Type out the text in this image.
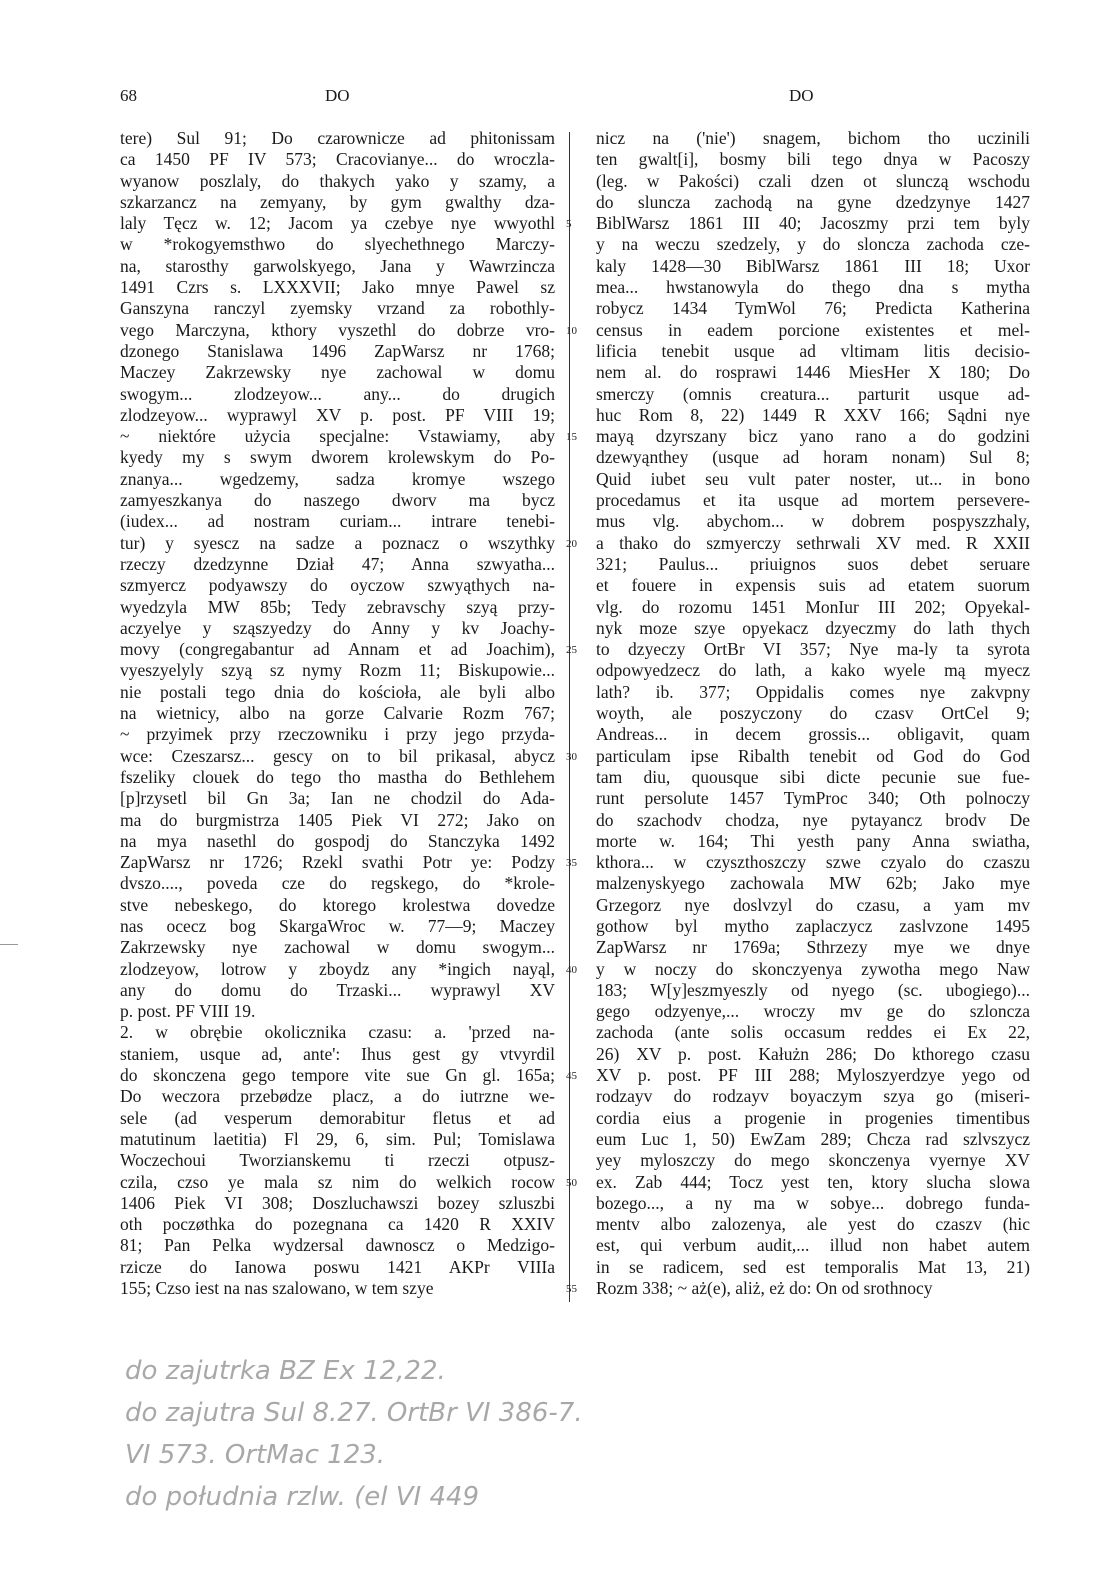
68	DO	DO
tere) Sul 91; Do czarownicze ad phitonissam
ca 1450 PF IV 573; Cracovianye... do wroczla-
wyanow poszlaly, do thakych yako y szamy, a
szkarzancz na zemyany, by gym gwalthy dza-
laly Tęcz w. 12; Jacom ya czebye nye wwyothl
w *rokogyemsthwo do slyechethnego Marczy-
na, starosthy garwolskyego, Jana y Wawrzincza
1491 Czrs s. LXXXVII; Jako mnye Pawel sz
Ganszyna ranczyl zyemsky vrzand za robothly-
vego Marczyna, kthory vyszethl do dobrze vro-
dzonego Stanislawa 1496 ZapWarsz nr 1768;
Maczey Zakrzewsky nye zachowal w domu
swogym... zlodzeyow... any... do drugich
zlodzeyow... wyprawyl XV p. post. PF VIII 19;
~ niektóre użycia specjalne: Vstawiamy, aby
kyedy my s swym dworem krolewskym do Po-
znanya... wgedzemy, sadza kromye wszego
zamyeszkanya do naszego dworv ma bycz
(iudex... ad nostram curiam... intrare tenebi-
tur) y syescz na sadze a poznacz o wszythky
rzeczy dzedzynne Dział 47; Anna szwyatha...
szmyercz podyawszy do oyczow szwyąthych na-
wyedzyla MW 85b; Tedy zebravschy szyą przy-
aczyelye y sząszyedzy do Anny y kv Joachy-
movy (congregabantur ad Annam et ad Joachim),
vyeszyelyly szyą sz nymy Rozm 11; Biskupowie...
nie postali tego dnia do kościoła, ale byli albo
na wietnicy, albo na gorze Calvarie Rozm 767;
~ przyimek przy rzeczowniku i przy jego przyda-
wce: Czeszarsz... gescy on to bil prikasal, abycz
fszeliky clouek do tego tho mastha do Bethlehem
[p]rzysetl bil Gn 3a; Ian ne chodzil do Ada-
ma do burgmistrza 1405 Piek VI 272; Jako on
na mya nasethl do gospodj do Stanczyka 1492
ZapWarsz nr 1726; Rzekl svathi Potr ye: Podzy
dvszo...., poveda cze do regskego, do *krole-
stve nebeskego, do ktorego krolestwa dovedze
nas ocecz bog SkargaWroc w. 77—9; Maczey
Zakrzewsky nye zachowal w domu swogym...
zlodzeyow, lotrow y zboydz any *ingich nayąl,
any do domu do Trzaski... wyprawyl XV
p. post. PF VIII 19.
2. w obrębie okolicznika czasu: a. 'przed na-
staniem, usque ad, ante': Ihus gest gy vtvyrdil
do skonczena gego tempore vite sue Gn gl. 165a;
Do weczora przebødze placz, a do iutrzne we-
sele (ad vesperum demorabitur fletus et ad
matutinum laetitia) Fl 29, 6, sim. Pul; Tomislawa
Woczechoui Tworzianskemu ti rzeczi otpusz-
czila, czso ye mala sz nim do welkich rocow
1406 Piek VI 308; Doszluchawszi bozey szluszbi
oth poczøthka do pozegnana ca 1420 R XXIV
81; Pan Pelka wydzersal dawnoscz o Medzigo-
rzicze do Ianowa poswu 1421 AKPr VIIIa
155; Czso iest na nas szalowano, w tem szye
5
10
15
20
25
30
35
40
45
50
55
nicz na ('nie') snagem, bichom tho uczinili
ten gwalt[i], bosmy bili tego dnya w Pacoszy
(leg. w Pakości) czali dzen ot slunczą wschodu
do sluncza zachodą na gyne dzedzynye 1427
BiblWarsz 1861 III 40; Jacoszmy przi tem byly
y na weczu szedzely, y do sloncza zachoda cze-
kaly 1428—30 BiblWarsz 1861 III 18; Uxor
mea... hwstanowyla do thego dna s mytha
robycz 1434 TymWol 76; Predicta Katherina
census in eadem porcione existentes et mel-
lificia tenebit usque ad vltimam litis decisio-
nem al. do rosprawi 1446 MiesHer X 180; Do
smerczy (omnis creatura... parturit usque ad-
huc Rom 8, 22) 1449 R XXV 166; Sądni nye
mayą dzyrszany bicz yano rano a do godzini
dzewyąnthey (usque ad horam nonam) Sul 8;
Quid iubet seu vult pater noster, ut... in bono
procedamus et ita usque ad mortem persevere-
mus vlg. abychom... w dobrem pospyszzhaly,
a thako do szmyerczy sethrwali XV med. R XXII
321; Paulus... priuignos suos debet seruare
et fouere in expensis suis ad etatem suorum
vlg. do rozomu 1451 MonIur III 202; Opyekal-
nyk moze szye opyekacz dzyeczmy do lath thych
to dzyeczy OrtBr VI 357; Nye ma-ly ta syrota
odpowyedzecz do lath, a kako wyele mą myecz
lath? ib. 377; Oppidalis comes nye zakvpny
woyth, ale poszyczony do czasv OrtCel 9;
Andreas... in decem grossis... obligavit, quam
particulam ipse Ribalth tenebit od God do God
tam diu, quousque sibi dicte pecunie sue fue-
runt persolute 1457 TymProc 340; Oth polnoczy
do szachodv chodza, nye pytayancz brodv De
morte w. 164; Thi yesth pany Anna swiatha,
kthora... w czyszthoszczy szwe czyalo do czaszu
malzenyskyego zachowala MW 62b; Jako mye
Grzegorz nye doslvzyl do czasu, a yam mv
gothow byl mytho zaplaczycz zaslvzone 1495
ZapWarsz nr 1769a; Sthrzezy mye we dnye
y w noczy do skonczyenya zywotha mego Naw
183; W[y]eszmyeszly od nyego (sc. ubogiego)...
gego odzyenye,... wroczy mv ge do szloncza
zachoda (ante solis occasum reddes ei Ex 22,
26) XV p. post. Kałużn 286; Do kthorego czasu
XV p. post. PF III 288; Myloszyerdzye yego od
rodzayv do rodzayv boyaczym szya go (miseri-
cordia eius a progenie in progenies timentibus
eum Luc 1, 50) EwZam 289; Chcza rad szlvszycz
yey myloszczy do mego skonczenya vyernye XV
ex. Zab 444; Tocz yest ten, ktory slucha slowa
bozego..., a ny ma w sobye... dobrego funda-
mentv albo zalozenya, ale yest do czaszv (hic
est, qui verbum audit,... illud non habet autem
in se radicem, sed est temporalis Mat 13, 21)
Rozm 338; ~ aż(e), aliż, eż do: On od srothnocy
do zajutrka BZ Ex 12,22.
do zajutra Sul 8.27. OrtBr VI 386-7.
VI 573. OrtMac 123.
do południa rzlw. (el VI 449
